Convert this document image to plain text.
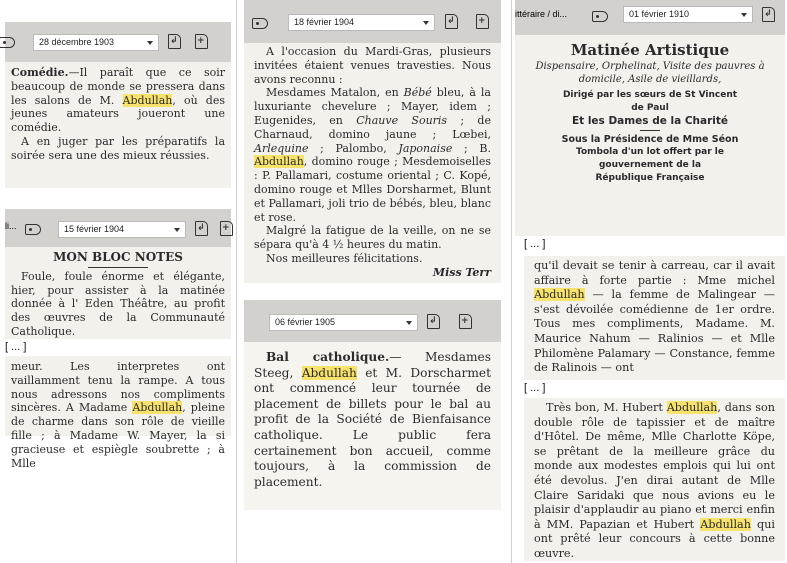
28 décembre 1903
↲
+

Comédie.—Il paraît que ce soir beaucoup de monde se pressera dans les salons de M. Abdullah, où des jeunes amateurs joueront une comédie.

A en juger par les préparatifs la soirée sera une des mieux réussies.

li...	15 février 1904
↲
+

MON BLOC NOTES

Foule, foule énorme et élégante, hier, pour assister à la matinée donnée à l' Eden Théâtre, au profit des œuvres de la Communauté Catholique.

[ ... ]

meur. Les interpretes ont vaillamment tenu la rampe. A tous nous adressons nos compliments sincères. A Madame Abdullah, pleine de charme dans son rôle de vieille fille ; à Madame W. Mayer, la si gracieuse et espiègle soubrette ; à Mlle

18 février 1904
↲
+

A l'occasion du Mardi-Gras, plusieurs invitées étaient venues travesties. Nous avons reconnu :

Mesdames Matalon, en Bébé bleu, à la luxuriante chevelure ; Mayer, idem ; Eugenides, en Chauve Souris ; de Charnaud, domino jaune ; Lœbei, Arlequine ; Palombo, Japonaise ; B. Abdullah, domino rouge ; Mesdemoiselles : P. Pallamari, costume oriental ; C. Kopé, domino rouge et Mlles Dorsharmet, Blunt et Pallamari, joli trio de bébés, bleu, blanc et rose.

Malgré la fatigue de la veille, on ne se sépara qu'à 4 ½ heures du matin.

Nos meilleures félicitations.

Miss Terr

06 février 1905
↲
+

Bal catholique.— Mesdames Steeg, Abdullah et M. Dorscharmet ont commencé leur tournée de placement de billets pour le bal au profit de la Société de Bienfaisance catholique. Le public fera certainement bon accueil, comme toujours, à la commission de placement.

ittéraire / di...	01 février 1910
↲

Matinée Artistique

Dispensaire, Orphelinat, Visite des pauvres à domicile, Asile de vieillards,

Dirigé par les sœurs de St Vincent de Paul

Et les Dames de la Charité

Sous la Présidence de Mme Séon

Tombola d'un lot offert par le gouvernement de la République Française

[ ... ]

qu'il devait se tenir à carreau, car il avait affaire à forte partie : Mme michel Abdullah — la femme de Malingear — s'est dévoilée comédienne de 1er ordre. Tous mes compliments, Madame. M. Maurice Nahum — Ralinios — et Mlle Philomène Palamary — Constance, femme de Ralinois — ont

[ ... ]

Très bon, M. Hubert Abdullah, dans son double rôle de tapissier et de maître d'Hôtel. De même, Mlle Charlotte Köpe, se prêtant de la meilleure grâce du monde aux modestes emplois qui lui ont été devolus. J'en dirai autant de Mlle Claire Saridaki que nous avions eu le plaisir d'applaudir au piano et merci enfin à MM. Papazian et Hubert Abdullah qui ont prêté leur concours à cette bonne œuvre.
